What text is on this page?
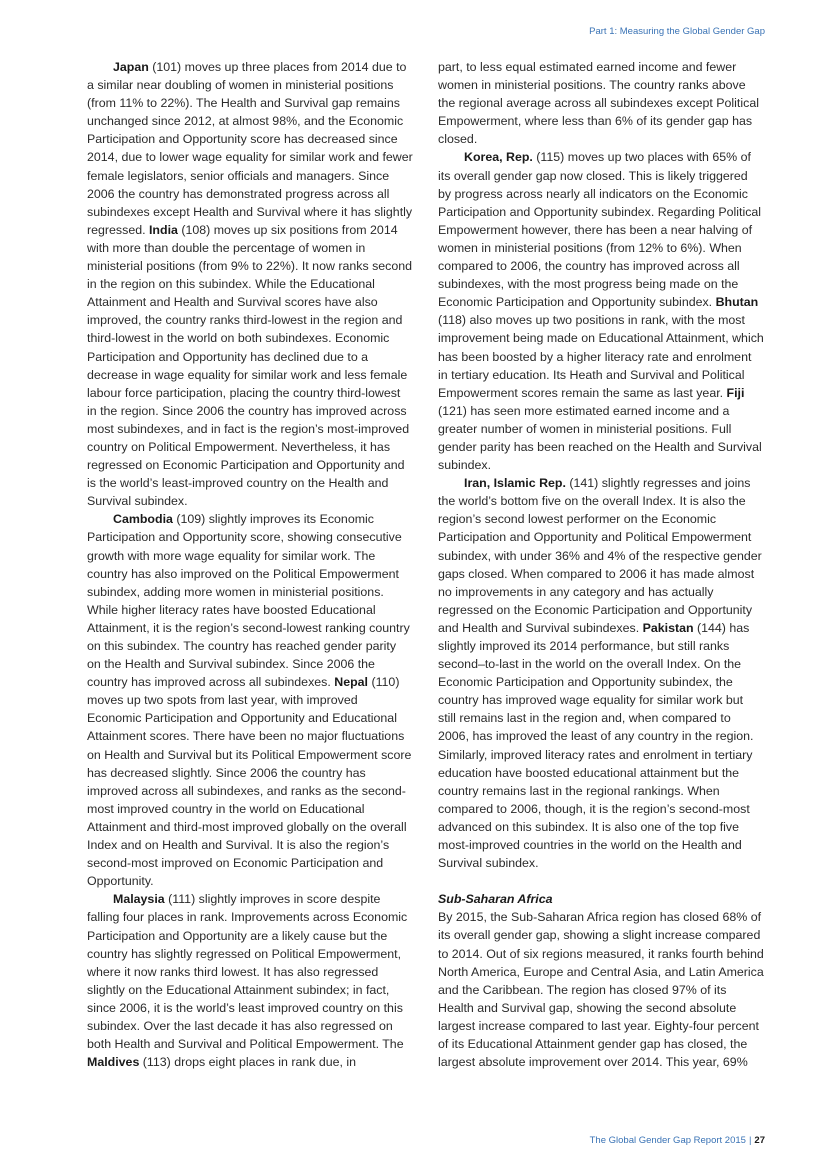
Part 1: Measuring the Global Gender Gap

Japan (101) moves up three places from 2014 due to a similar near doubling of women in ministerial positions (from 11% to 22%). The Health and Survival gap remains unchanged since 2012, at almost 98%, and the Economic Participation and Opportunity score has decreased since 2014, due to lower wage equality for similar work and fewer female legislators, senior officials and managers. Since 2006 the country has demonstrated progress across all subindexes except Health and Survival where it has slightly regressed. India (108) moves up six positions from 2014 with more than double the percentage of women in ministerial positions (from 9% to 22%). It now ranks second in the region on this subindex. While the Educational Attainment and Health and Survival scores have also improved, the country ranks third-lowest in the region and third-lowest in the world on both subindexes. Economic Participation and Opportunity has declined due to a decrease in wage equality for similar work and less female labour force participation, placing the country third-lowest in the region. Since 2006 the country has improved across most subindexes, and in fact is the region’s most-improved country on Political Empowerment. Nevertheless, it has regressed on Economic Participation and Opportunity and is the world’s least-improved country on the Health and Survival subindex.

Cambodia (109) slightly improves its Economic Participation and Opportunity score, showing consecutive growth with more wage equality for similar work. The country has also improved on the Political Empowerment subindex, adding more women in ministerial positions. While higher literacy rates have boosted Educational Attainment, it is the region’s second-lowest ranking country on this subindex. The country has reached gender parity on the Health and Survival subindex. Since 2006 the country has improved across all subindexes. Nepal (110) moves up two spots from last year, with improved Economic Participation and Opportunity and Educational Attainment scores. There have been no major fluctuations on Health and Survival but its Political Empowerment score has decreased slightly. Since 2006 the country has improved across all subindexes, and ranks as the second-most improved country in the world on Educational Attainment and third-most improved globally on the overall Index and on Health and Survival. It is also the region’s second-most improved on Economic Participation and Opportunity.

Malaysia (111) slightly improves in score despite falling four places in rank. Improvements across Economic Participation and Opportunity are a likely cause but the country has slightly regressed on Political Empowerment, where it now ranks third lowest. It has also regressed slightly on the Educational Attainment subindex; in fact, since 2006, it is the world’s least improved country on this subindex. Over the last decade it has also regressed on both Health and Survival and Political Empowerment. The Maldives (113) drops eight places in rank due, in

part, to less equal estimated earned income and fewer women in ministerial positions. The country ranks above the regional average across all subindexes except Political Empowerment, where less than 6% of its gender gap has closed.

Korea, Rep. (115) moves up two places with 65% of its overall gender gap now closed. This is likely triggered by progress across nearly all indicators on the Economic Participation and Opportunity subindex. Regarding Political Empowerment however, there has been a near halving of women in ministerial positions (from 12% to 6%). When compared to 2006, the country has improved across all subindexes, with the most progress being made on the Economic Participation and Opportunity subindex. Bhutan (118) also moves up two positions in rank, with the most improvement being made on Educational Attainment, which has been boosted by a higher literacy rate and enrolment in tertiary education. Its Heath and Survival and Political Empowerment scores remain the same as last year. Fiji (121) has seen more estimated earned income and a greater number of women in ministerial positions. Full gender parity has been reached on the Health and Survival subindex.

Iran, Islamic Rep. (141) slightly regresses and joins the world’s bottom five on the overall Index. It is also the region’s second lowest performer on the Economic Participation and Opportunity and Political Empowerment subindex, with under 36% and 4% of the respective gender gaps closed. When compared to 2006 it has made almost no improvements in any category and has actually regressed on the Economic Participation and Opportunity and Health and Survival subindexes. Pakistan (144) has slightly improved its 2014 performance, but still ranks second–to-last in the world on the overall Index. On the Economic Participation and Opportunity subindex, the country has improved wage equality for similar work but still remains last in the region and, when compared to 2006, has improved the least of any country in the region. Similarly, improved literacy rates and enrolment in tertiary education have boosted educational attainment but the country remains last in the regional rankings. When compared to 2006, though, it is the region’s second-most advanced on this subindex. It is also one of the top five most-improved countries in the world on the Health and Survival subindex.

Sub-Saharan Africa

By 2015, the Sub-Saharan Africa region has closed 68% of its overall gender gap, showing a slight increase compared to 2014. Out of six regions measured, it ranks fourth behind North America, Europe and Central Asia, and Latin America and the Caribbean. The region has closed 97% of its Health and Survival gap, showing the second absolute largest increase compared to last year. Eighty-four percent of its Educational Attainment gender gap has closed, the largest absolute improvement over 2014. This year, 69%

The Global Gender Gap Report 2015 | 27
